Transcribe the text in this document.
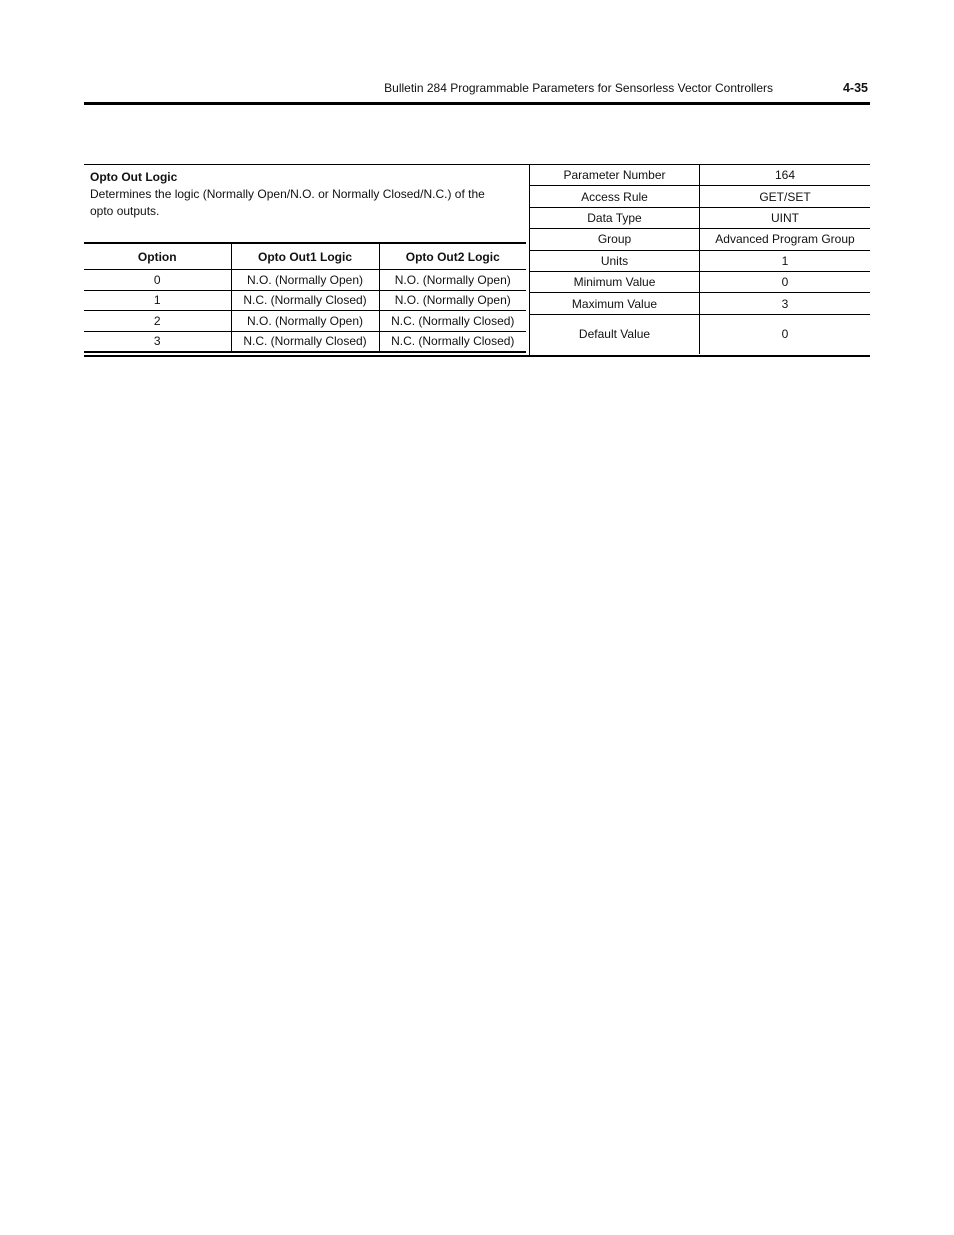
Bulletin 284 Programmable Parameters for Sensorless Vector Controllers	4-35
Opto Out Logic
Determines the logic (Normally Open/N.O. or Normally Closed/N.C.) of the opto outputs.
Option	Opto Out1 Logic	Opto Out2 Logic
0	N.O. (Normally Open)	N.O. (Normally Open)
1	N.C. (Normally Closed)	N.O. (Normally Open)
2	N.O. (Normally Open)	N.C. (Normally Closed)
3	N.C. (Normally Closed)	N.C. (Normally Closed)
Parameter Number	164
Access Rule	GET/SET
Data Type	UINT
Group	Advanced Program Group
Units	1
Minimum Value	0
Maximum Value	3
Default Value	0
